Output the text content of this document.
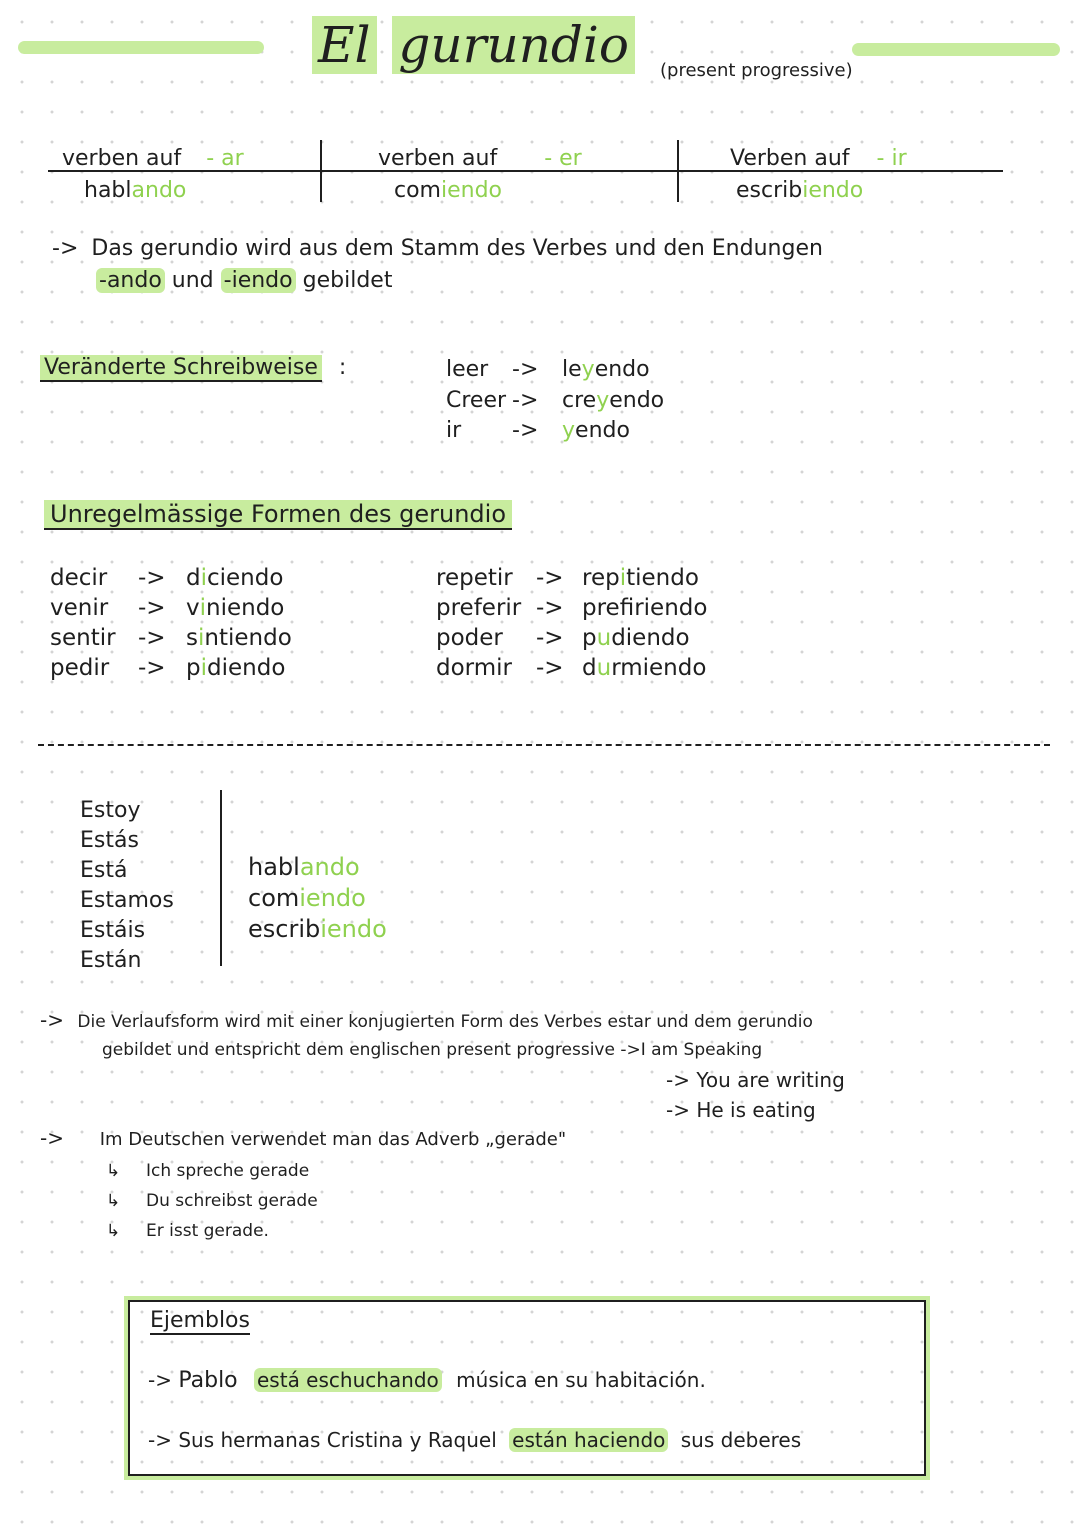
El gurundio	(present progressive)
verben auf - ar
hablando
verben auf - er
comiendo
Verben auf - ir
escribiendo
-> Das gerundio wird aus dem Stamm des Verbes und den Endungen
-ando und -iendo gebildet
Veränderte Schreibweise :	leer -> leyendo
Creer -> creyendo
ir -> yendo
Unregelmässige Formen des gerundio
decir -> diciendo
venir -> viniendo
sentir -> sintiendo
pedir -> pidiendo
repetir -> repitiendo
preferir -> prefriendo
poder -> pudiendo
dormir -> durmiendo
Estoy
Estás
Está
Estamos
Estáis
Están
hablando
comiendo
escribiendo
-> Die Verlaufsform wird mit einer konjugierten Form des Verbes estar und dem gerundio
gebildet und entspricht dem englischen present progressive ->I am Speaking
-> You are writing
-> He is eating
-> Im Deutschen verwendet man das Adverb „gerade"
↳ Ich spreche gerade
↳ Du schreibst gerade
↳ Er isst gerade.
Ejemblos
-> Pablo está eschuchando música en su habitación.
-> Sus hermanas Cristina y Raquel están haciendo sus deberes
